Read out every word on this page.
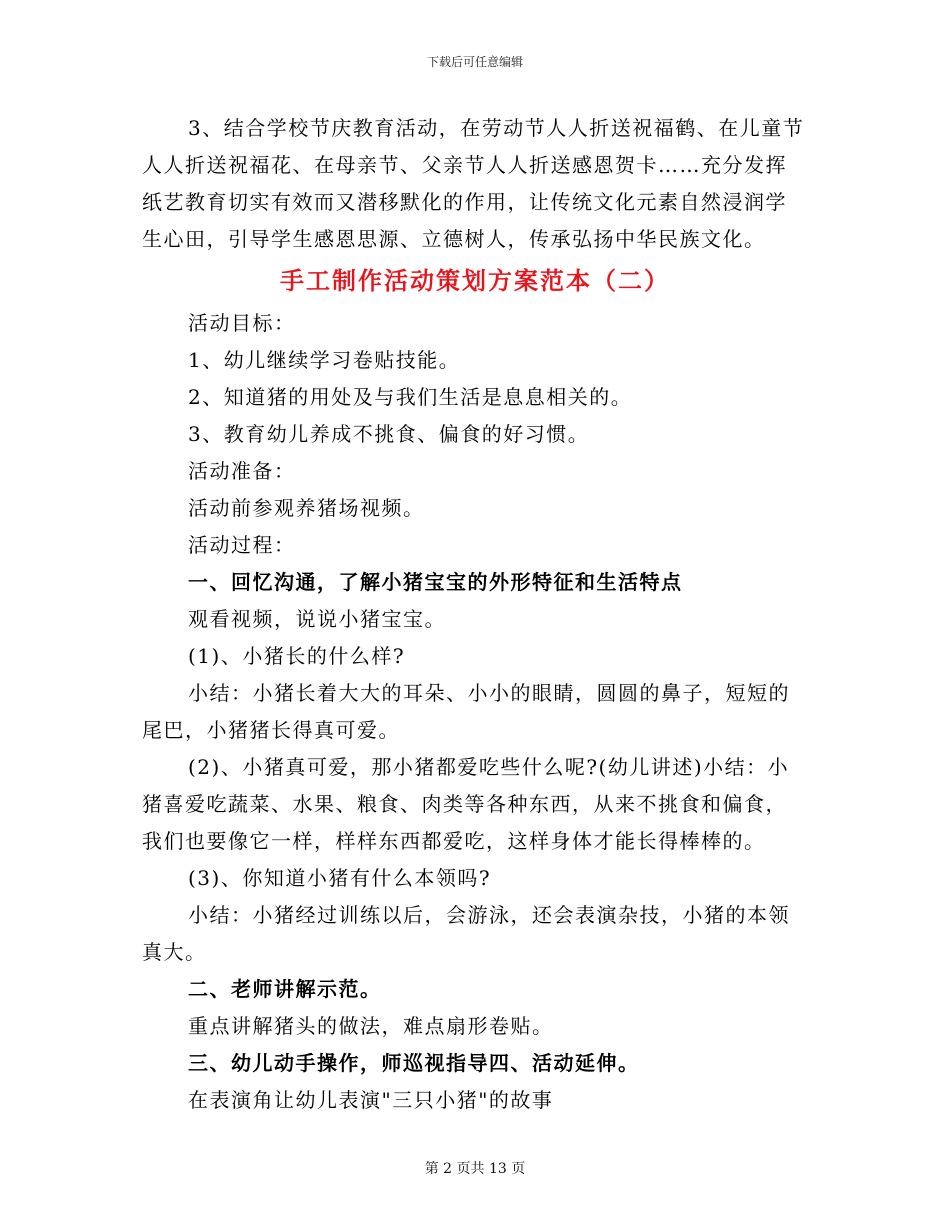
下载后可任意编辑

3、结合学校节庆教育活动，在劳动节人人折送祝福鹤、在儿童节人人折送祝福花、在母亲节、父亲节人人折送感恩贺卡……充分发挥纸艺教育切实有效而又潜移默化的作用，让传统文化元素自然浸润学生心田，引导学生感恩思源、立德树人，传承弘扬中华民族文化。

手工制作活动策划方案范本（二）

活动目标：

1、幼儿继续学习卷贴技能。

2、知道猪的用处及与我们生活是息息相关的。

3、教育幼儿养成不挑食、偏食的好习惯。

活动准备：

活动前参观养猪场视频。

活动过程：

一、回忆沟通，了解小猪宝宝的外形特征和生活特点

观看视频，说说小猪宝宝。

(1)、小猪长的什么样?

小结：小猪长着大大的耳朵、小小的眼睛，圆圆的鼻子，短短的尾巴，小猪猪长得真可爱。

(2)、小猪真可爱，那小猪都爱吃些什么呢?(幼儿讲述)小结：小猪喜爱吃蔬菜、水果、粮食、肉类等各种东西，从来不挑食和偏食，我们也要像它一样，样样东西都爱吃，这样身体才能长得棒棒的。

(3)、你知道小猪有什么本领吗?

小结：小猪经过训练以后，会游泳，还会表演杂技，小猪的本领真大。

二、老师讲解示范。

重点讲解猪头的做法，难点扇形卷贴。

三、幼儿动手操作，师巡视指导四、活动延伸。

在表演角让幼儿表演"三只小猪"的故事

第 2 页共 13 页
